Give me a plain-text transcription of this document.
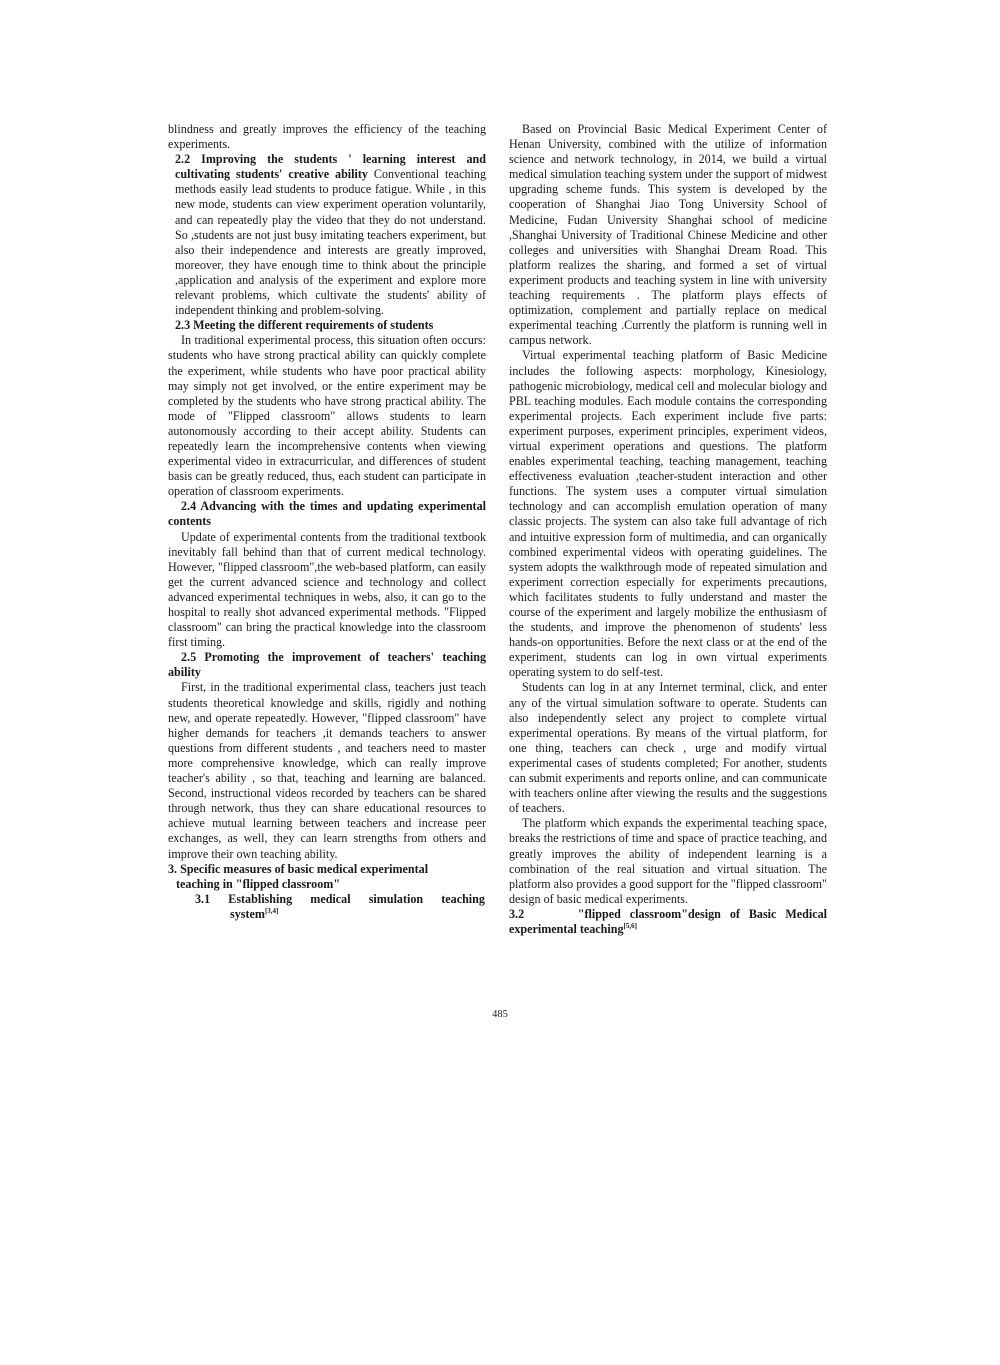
blindness and greatly improves the efficiency of the teaching experiments.

2.2 Improving the students ' learning interest and cultivating students' creative ability Conventional teaching methods easily lead students to produce fatigue. While , in this new mode, students can view experiment operation voluntarily, and can repeatedly play the video that they do not understand. So ,students are not just busy imitating teachers experiment, but also their independence and interests are greatly improved, moreover, they have enough time to think about the principle ,application and analysis of the experiment and explore more relevant problems, which cultivate the students' ability of independent thinking and problem-solving.

2.3 Meeting the different requirements of students

In traditional experimental process, this situation often occurs: students who have strong practical ability can quickly complete the experiment, while students who have poor practical ability may simply not get involved, or the entire experiment may be completed by the students who have strong practical ability. The mode of "Flipped classroom" allows students to learn autonomously according to their accept ability. Students can repeatedly learn the incomprehensive contents when viewing experimental video in extracurricular, and differences of student basis can be greatly reduced, thus, each student can participate in operation of classroom experiments.

2.4 Advancing with the times and updating experimental contents

Update of experimental contents from the traditional textbook inevitably fall behind than that of current medical technology. However, "flipped classroom",the web-based platform, can easily get the current advanced science and technology and collect advanced experimental techniques in webs, also, it can go to the hospital to really shot advanced experimental methods. "Flipped classroom" can bring the practical knowledge into the classroom first timing.

2.5 Promoting the improvement of teachers' teaching ability

First, in the traditional experimental class, teachers just teach students theoretical knowledge and skills, rigidly and nothing new, and operate repeatedly. However, "flipped classroom" have higher demands for teachers ,it demands teachers to answer questions from different students , and teachers need to master more comprehensive knowledge, which can really improve teacher's ability , so that, teaching and learning are balanced. Second, instructional videos recorded by teachers can be shared through network, thus they can share educational resources to achieve mutual learning between teachers and increase peer exchanges, as well, they can learn strengths from others and improve their own teaching ability.

3. Specific measures of basic medical experimental
teaching in "flipped classroom"

3.1      Establishing      medical      simulation      teaching
system[3,4]

Based on Provincial Basic Medical Experiment Center of Henan University, combined with the utilize of information science and network technology, in 2014, we build a virtual medical simulation teaching system under the support of midwest upgrading scheme funds. This system is developed by the cooperation of Shanghai Jiao Tong University School of Medicine, Fudan University Shanghai school of medicine ,Shanghai University of Traditional Chinese Medicine and other colleges and universities with Shanghai Dream Road. This platform realizes the sharing, and formed a set of virtual experiment products and teaching system in line with university teaching requirements . The platform plays effects of optimization, complement and partially replace on medical experimental teaching .Currently the platform is running well in campus network.

Virtual experimental teaching platform of Basic Medicine includes the following aspects: morphology, Kinesiology, pathogenic microbiology, medical cell and molecular biology and PBL teaching modules. Each module contains the corresponding experimental projects. Each experiment include five parts: experiment purposes, experiment principles, experiment videos, virtual experiment operations and questions. The platform enables experimental teaching, teaching management, teaching effectiveness evaluation ,teacher-student interaction and other functions. The system uses a computer virtual simulation technology and can accomplish emulation operation of many classic projects. The system can also take full advantage of rich and intuitive expression form of multimedia, and can organically combined experimental videos with operating guidelines. The system adopts the walkthrough mode of repeated simulation and experiment correction especially for experiments precautions, which facilitates students to fully understand and master the course of the experiment and largely mobilize the enthusiasm of the students, and improve the phenomenon of students' less hands-on opportunities. Before the next class or at the end of the experiment, students can log in own virtual experiments operating system to do self-test.

Students can log in at any Internet terminal, click, and enter any of the virtual simulation software to operate. Students can also independently select any project to complete virtual experimental operations. By means of the virtual platform, for one thing, teachers can check , urge and modify virtual experimental cases of students completed; For another, students can submit experiments and reports online, and can communicate with teachers online after viewing the results and the suggestions of teachers.

The platform which expands the experimental teaching space, breaks the restrictions of time and space of practice teaching, and greatly improves the ability of independent learning is a combination of the real situation and virtual situation. The platform also provides a good support for the "flipped classroom" design of basic medical experiments.

3.2      "flipped classroom"design of Basic Medical experimental teaching[5,6]

485
